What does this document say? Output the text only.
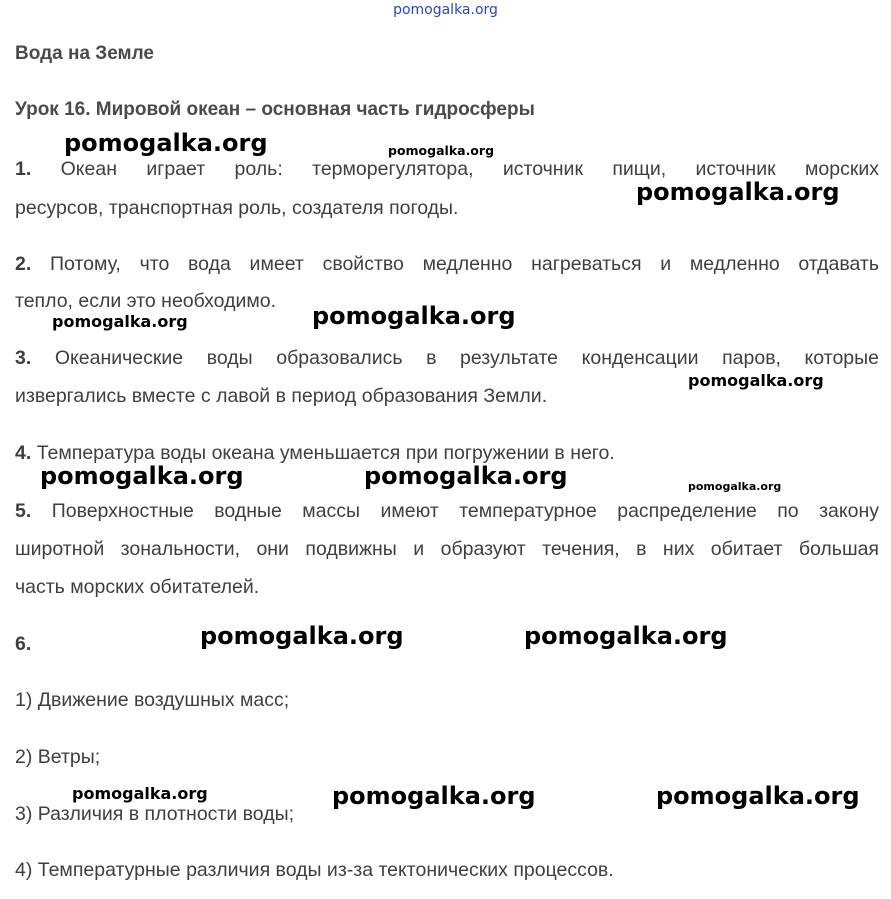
pomogalka.org
Вода на Земле
Урок 16. Мировой океан – основная часть гидросферы
1. Океан играет роль: терморегулятора, источник пищи, источник морских
ресурсов, транспортная роль, создателя погоды.
2. Потому, что вода имеет свойство медленно нагреваться и медленно отдавать
тепло, если это необходимо.
3. Океанические воды образовались в результате конденсации паров, которые
извергались вместе с лавой в период образования Земли.
4. Температура воды океана уменьшается при погружении в него.
5. Поверхностные водные массы имеют температурное распределение по закону
широтной зональности, они подвижны и образуют течения, в них обитает большая
часть морских обитателей.
6.
1) Движение воздушных масс;
2) Ветры;
3) Различия в плотности воды;
4) Температурные различия воды из-за тектонических процессов.
pomogalka.org	pomogalka.org
pomogalka.org
pomogalka.org	pomogalka.org
pomogalka.org
pomogalka.org	pomogalka.org	pomogalka.org
pomogalka.org	pomogalka.org
pomogalka.org	pomogalka.org	pomogalka.org
